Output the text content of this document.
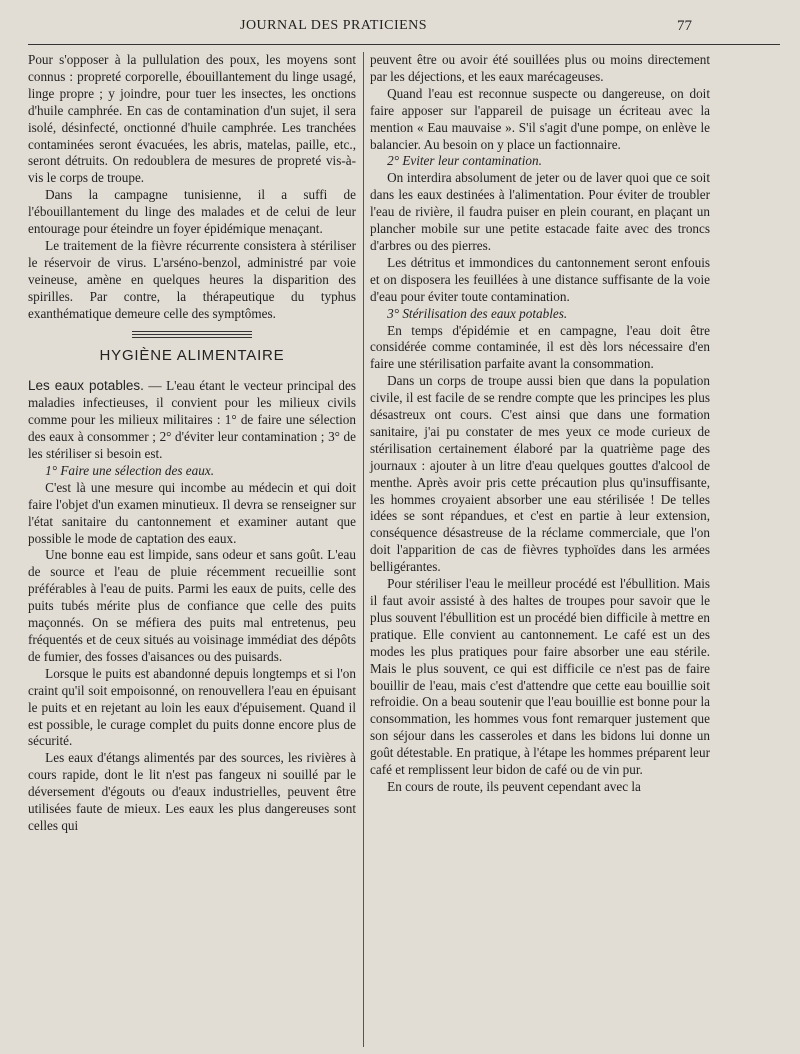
JOURNAL DES PRATICIENS	77

Pour s'opposer à la pullulation des poux, les moyens sont connus : propreté corporelle, ébouillantement du linge usagé, linge propre ; y joindre, pour tuer les insectes, les onctions d'huile camphrée. En cas de contamination d'un sujet, il sera isolé, désinfecté, onctionné d'huile camphrée. Les tranchées contaminées seront évacuées, les abris, matelas, paille, etc., seront détruits. On redoublera de mesures de propreté vis-à-vis le corps de troupe.

Dans la campagne tunisienne, il a suffi de l'ébouillantement du linge des malades et de celui de leur entourage pour éteindre un foyer épidémique menaçant.

Le traitement de la fièvre récurrente consistera à stériliser le réservoir de virus. L'arséno-benzol, administré par voie veineuse, amène en quelques heures la disparition des spirilles. Par contre, la thérapeutique du typhus exanthématique demeure celle des symptômes.

HYGIÈNE ALIMENTAIRE

Les eaux potables. — L'eau étant le vecteur principal des maladies infectieuses, il convient pour les milieux civils comme pour les milieux militaires : 1° de faire une sélection des eaux à consommer ; 2° d'éviter leur contamination ; 3° de les stériliser si besoin est.

1° Faire une sélection des eaux.

C'est là une mesure qui incombe au médecin et qui doit faire l'objet d'un examen minutieux. Il devra se renseigner sur l'état sanitaire du cantonnement et examiner autant que possible le mode de captation des eaux.

Une bonne eau est limpide, sans odeur et sans goût. L'eau de source et l'eau de pluie récemment recueillie sont préférables à l'eau de puits. Parmi les eaux de puits, celle des puits tubés mérite plus de confiance que celle des puits maçonnés. On se méfiera des puits mal entretenus, peu fréquentés et de ceux situés au voisinage immédiat des dépôts de fumier, des fosses d'aisances ou des puisards.

Lorsque le puits est abandonné depuis longtemps et si l'on craint qu'il soit empoisonné, on renouvellera l'eau en épuisant le puits et en rejetant au loin les eaux d'épuisement. Quand il est possible, le curage complet du puits donne encore plus de sécurité.

Les eaux d'étangs alimentés par des sources, les rivières à cours rapide, dont le lit n'est pas fangeux ni souillé par le déversement d'égouts ou d'eaux industrielles, peuvent être utilisées faute de mieux. Les eaux les plus dangereuses sont celles qui

peuvent être ou avoir été souillées plus ou moins directement par les déjections, et les eaux marécageuses.

Quand l'eau est reconnue suspecte ou dangereuse, on doit faire apposer sur l'appareil de puisage un écriteau avec la mention « Eau mauvaise ». S'il s'agit d'une pompe, on enlève le balancier. Au besoin on y place un factionnaire.

2° Eviter leur contamination.

On interdira absolument de jeter ou de laver quoi que ce soit dans les eaux destinées à l'alimentation. Pour éviter de troubler l'eau de rivière, il faudra puiser en plein courant, en plaçant un plancher mobile sur une petite estacade faite avec des troncs d'arbres ou des pierres.

Les détritus et immondices du cantonnement seront enfouis et on disposera les feuillées à une distance suffisante de la voie d'eau pour éviter toute contamination.

3° Stérilisation des eaux potables.

En temps d'épidémie et en campagne, l'eau doit être considérée comme contaminée, il est dès lors nécessaire d'en faire une stérilisation parfaite avant la consommation.

Dans un corps de troupe aussi bien que dans la population civile, il est facile de se rendre compte que les principes les plus désastreux ont cours. C'est ainsi que dans une formation sanitaire, j'ai pu constater de mes yeux ce mode curieux de stérilisation certainement élaboré par la quatrième page des journaux : ajouter à un litre d'eau quelques gouttes d'alcool de menthe. Après avoir pris cette précaution plus qu'insuffisante, les hommes croyaient absorber une eau stérilisée ! De telles idées se sont répandues, et c'est en partie à leur extension, conséquence désastreuse de la réclame commerciale, que l'on doit l'apparition de cas de fièvres typhoïdes dans les armées belligérantes.

Pour stériliser l'eau le meilleur procédé est l'ébullition. Mais il faut avoir assisté à des haltes de troupes pour savoir que le plus souvent l'ébullition est un procédé bien difficile à mettre en pratique. Elle convient au cantonnement. Le café est un des modes les plus pratiques pour faire absorber une eau stérile. Mais le plus souvent, ce qui est difficile ce n'est pas de faire bouillir de l'eau, mais c'est d'attendre que cette eau bouillie soit refroidie. On a beau soutenir que l'eau bouillie est bonne pour la consommation, les hommes vous font remarquer justement que son séjour dans les casseroles et dans les bidons lui donne un goût détestable. En pratique, à l'étape les hommes préparent leur café et remplissent leur bidon de café ou de vin pur.

En cours de route, ils peuvent cependant avec la
